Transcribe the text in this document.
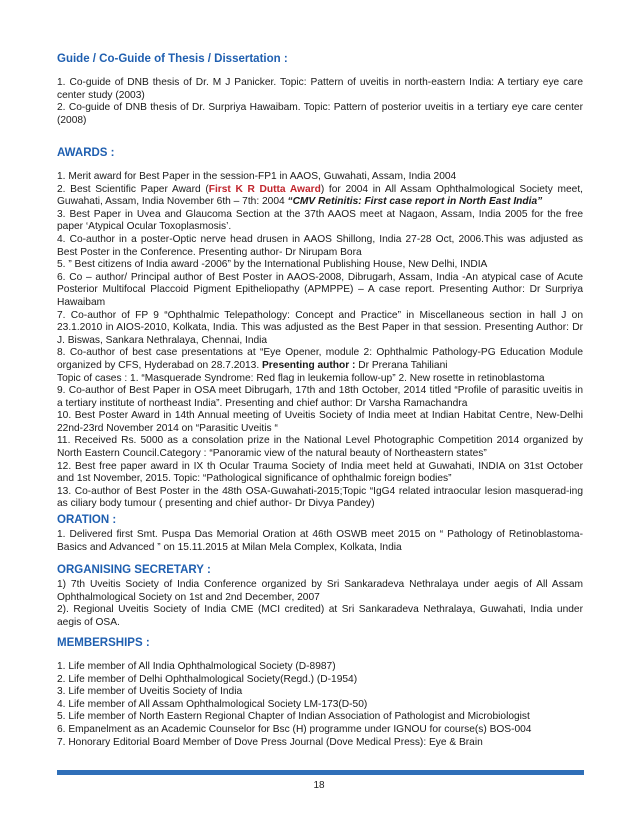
Guide / Co-Guide of Thesis / Dissertation :

1. Co-guide of DNB thesis of Dr. M J Panicker. Topic: Pattern of uveitis in north-eastern India: A tertiary eye care center study (2003)

2. Co-guide of DNB thesis of Dr. Surpriya Hawaibam. Topic: Pattern of posterior uveitis in a tertiary eye care center (2008)

AWARDS :

1. Merit award for Best Paper in the session-FP1 in AAOS, Guwahati, Assam, India 2004

2. Best Scientific Paper Award (First K R Dutta Award) for 2004 in All Assam Ophthalmological Society meet, Guwahati, Assam, India November 6th – 7th: 2004 “CMV Retinitis: First case report in North East India”

3. Best Paper in Uvea and Glaucoma Section at the 37th AAOS meet at Nagaon, Assam, India 2005 for the free paper ‘Atypical Ocular Toxoplasmosis’.

4. Co-author in a poster-Optic nerve head drusen in AAOS Shillong, India 27-28 Oct, 2006.This was adjusted as Best Poster in the Conference. Presenting author- Dr Nirupam Bora

5. ” Best citizens of India award -2006” by the International Publishing House, New Delhi, INDIA

6. Co – author/ Principal author of Best Poster in AAOS-2008, Dibrugarh, Assam, India -An atypical case of Acute Posterior Multifocal Placcoid Pigment Epitheliopathy (APMPPE) – A case report. Presenting Author: Dr Surpriya Hawaibam

7. Co-author of FP 9 “Ophthalmic Telepathology: Concept and Practice” in Miscellaneous section in hall J on 23.1.2010 in AIOS-2010, Kolkata, India. This was adjusted as the Best Paper in that session. Presenting Author: Dr J. Biswas, Sankara Nethralaya, Chennai, India

8. Co-author of best case presentations at “Eye Opener, module 2: Ophthalmic Pathology-PG Education Module organized by CFS, Hyderabad on 28.7.2013. Presenting author : Dr Prerana Tahiliani

Topic of cases : 1. “Masquerade Syndrome: Red flag in leukemia follow-up” 2. New rosette in retinoblastoma

9. Co-author of Best Paper in OSA meet Dibrugarh, 17th and 18th October, 2014 titled “Profile of parasitic uveitis in a tertiary institute of northeast India”. Presenting and chief author: Dr Varsha Ramachandra

10. Best Poster Award in 14th Annual meeting of Uveitis Society of India meet at Indian Habitat Centre, New-Delhi 22nd-23rd November 2014 on “Parasitic Uveitis “

11. Received Rs. 5000 as a consolation prize in the National Level Photographic Competition 2014 organized by North Eastern Council.Category : “Panoramic view of the natural beauty of Northeastern states”

12. Best free paper award in IX th Ocular Trauma Society of India meet held at Guwahati, INDIA on 31st October and 1st November, 2015. Topic: “Pathological significance of ophthalmic foreign bodies”

13. Co-author of Best Poster in the 48th OSA-Guwahati-2015;Topic “IgG4 related intraocular lesion masquerad-ing as ciliary body tumour ( presenting and chief author- Dr Divya Pandey)

ORATION :

1. Delivered first Smt. Puspa Das Memorial Oration at 46th OSWB meet 2015 on “ Pathology of Retinoblastoma-Basics and Advanced ” on 15.11.2015 at Milan Mela Complex, Kolkata, India

ORGANISING SECRETARY :

1) 7th Uveitis Society of India Conference organized by Sri Sankaradeva Nethralaya under aegis of All Assam Ophthalmological Society on 1st and 2nd December, 2007

2). Regional Uveitis Society of India CME (MCI credited) at Sri Sankaradeva Nethralaya, Guwahati, India under aegis of OSA.

MEMBERSHIPS :

1. Life member of All India Ophthalmological Society (D-8987)

2. Life member of Delhi Ophthalmological Society(Regd.) (D-1954)

3. Life member of Uveitis Society of India

4. Life member of All Assam Ophthalmological Society LM-173(D-50)

5. Life member of North Eastern Regional Chapter of Indian Association of Pathologist and Microbiologist

6. Empanelment as an Academic Counselor for Bsc (H) programme under IGNOU for course(s) BOS-004

7. Honorary Editorial Board Member of Dove Press Journal (Dove Medical Press): Eye & Brain

18
